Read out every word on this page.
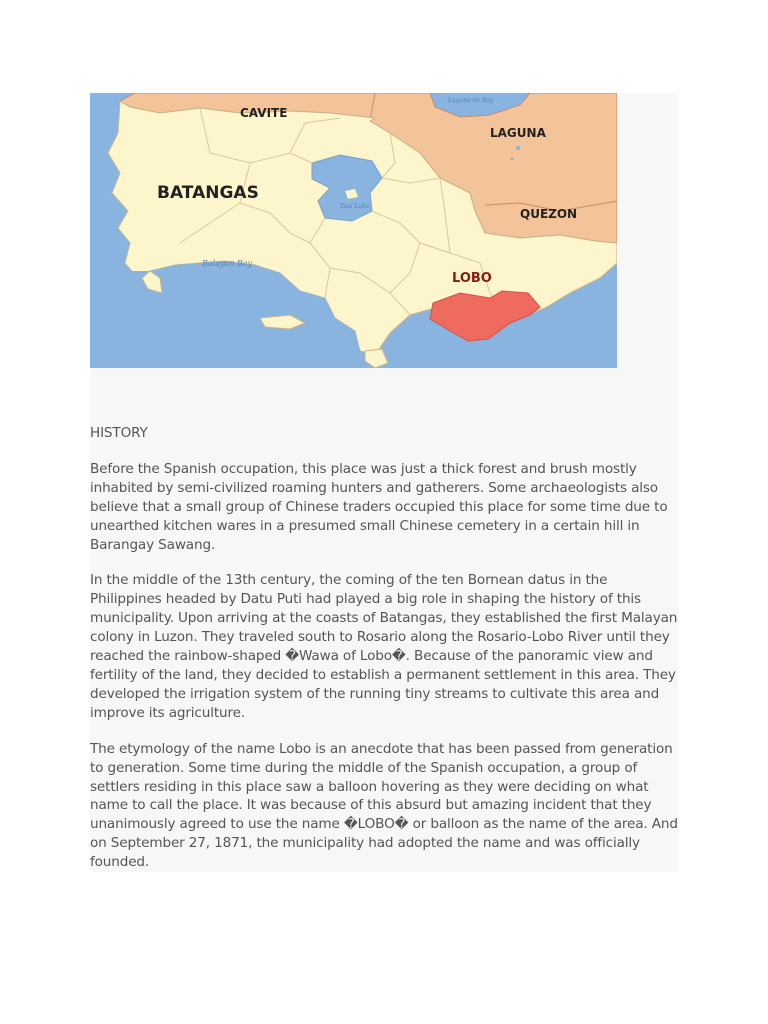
CAVITE
LAGUNA
BATANGAS
QUEZON
LOBO
Balayan Bay
Laguna de Bay
Taal Lake
HISTORY

Before the Spanish occupation, this place was just a thick forest and brush mostly inhabited by semi-civilized roaming hunters and gatherers. Some archaeologists also believe that a small group of Chinese traders occupied this place for some time due to unearthed kitchen wares in a presumed small Chinese cemetery in a certain hill in Barangay Sawang.

In the middle of the 13th century, the coming of the ten Bornean datus in the Philippines headed by Datu Puti had played a big role in shaping the history of this municipality. Upon arriving at the coasts of Batangas, they established the first Malayan colony in Luzon. They traveled south to Rosario along the Rosario-Lobo River until they reached the rainbow-shaped �Wawa of Lobo�. Because of the panoramic view and fertility of the land, they decided to establish a permanent settlement in this area. They developed the irrigation system of the running tiny streams to cultivate this area and improve its agriculture.

The etymology of the name Lobo is an anecdote that has been passed from generation to generation. Some time during the middle of the Spanish occupation, a group of settlers residing in this place saw a balloon hovering as they were deciding on what name to call the place. It was because of this absurd but amazing incident that they unanimously agreed to use the name �LOBO� or balloon as the name of the area. And on September 27, 1871, the municipality had adopted the name and was officially founded.
